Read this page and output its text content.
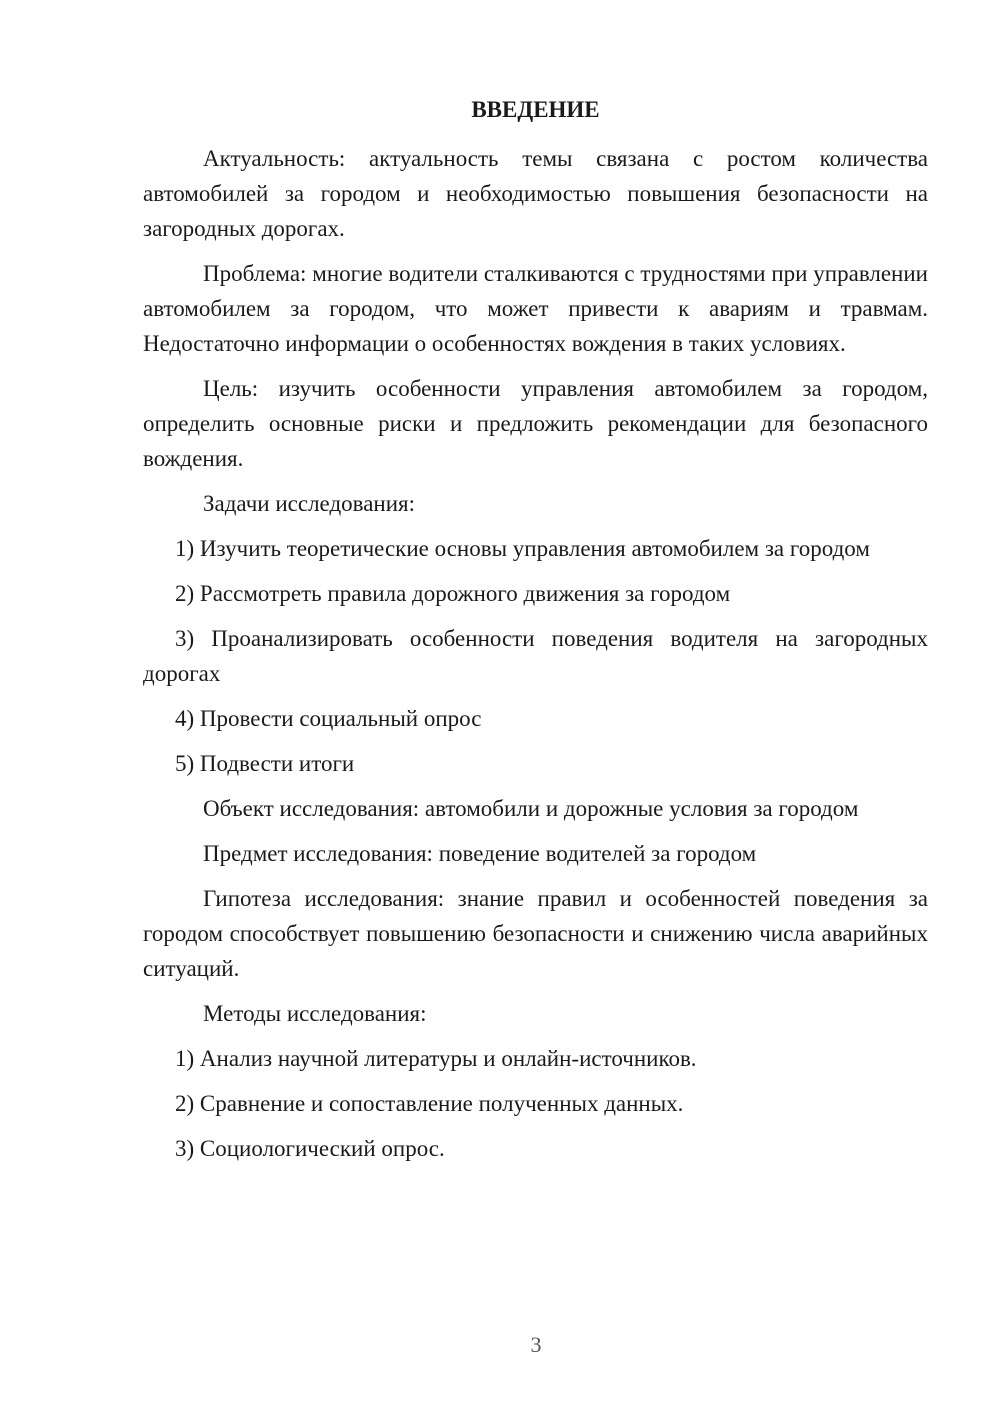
ВВЕДЕНИЕ

Актуальность: актуальность темы связана с ростом количества автомобилей за городом и необходимостью повышения безопасности на загородных дорогах.

Проблема: многие водители сталкиваются с трудностями при управлении автомобилем за городом, что может привести к авариям и травмам. Недостаточно информации о особенностях вождения в таких условиях.

Цель: изучить особенности управления автомобилем за городом, определить основные риски и предложить рекомендации для безопасного вождения.

Задачи исследования:
1) Изучить теоретические основы управления автомобилем за городом
2) Рассмотреть правила дорожного движения за городом
3) Проанализировать особенности поведения водителя на загородных дорогах
4) Провести социальный опрос
5) Подвести итоги
Объект исследования: автомобили и дорожные условия за городом
Предмет исследования: поведение водителей за городом

Гипотеза исследования: знание правил и особенностей поведения за городом способствует повышению безопасности и снижению числа аварийных ситуаций.

Методы исследования:
1) Анализ научной литературы и онлайн-источников.
2) Сравнение и сопоставление полученных данных.
3) Социологический опрос.
3
